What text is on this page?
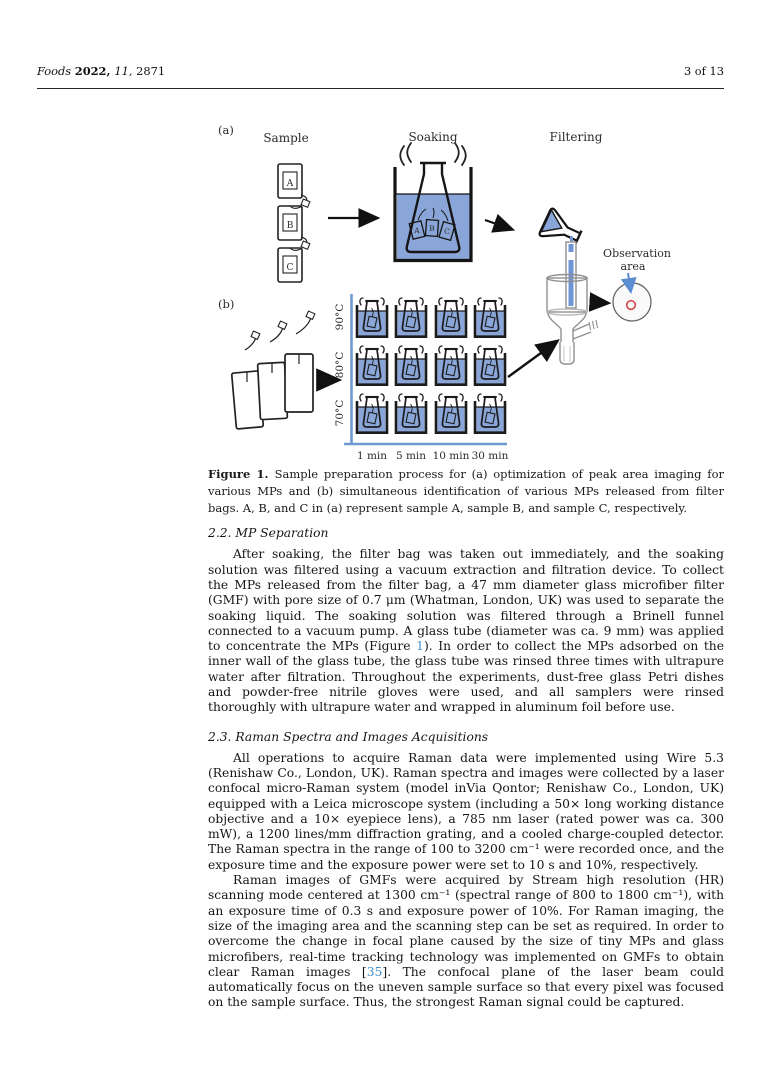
Foods 2022, 11, 2871	3 of 13
(a)
Sample
A
B
C
Soaking
A B C
Filtering
Observation
area
(b)	90°C
80°C
70°C
1 min 5 min 10 min 30 min

Figure 1. Sample preparation process for (a) optimization of peak area imaging for various MPs and (b) simultaneous identification of various MPs released from filter bags. A, B, and C in (a) represent sample A, sample B, and sample C, respectively.

2.2. MP Separation

After soaking, the filter bag was taken out immediately, and the soaking solution was filtered using a vacuum extraction and filtration device. To collect the MPs released from the filter bag, a 47 mm diameter glass microfiber filter (GMF) with pore size of 0.7 μm (Whatman, London, UK) was used to separate the soaking liquid. The soaking solution was filtered through a Brinell funnel connected to a vacuum pump. A glass tube (diameter was ca. 9 mm) was applied to concentrate the MPs (Figure 1). In order to collect the MPs adsorbed on the inner wall of the glass tube, the glass tube was rinsed three times with ultrapure water after filtration. Throughout the experiments, dust-free glass Petri dishes and powder-free nitrile gloves were used, and all samplers were rinsed thoroughly with ultrapure water and wrapped in aluminum foil before use.

2.3. Raman Spectra and Images Acquisitions

All operations to acquire Raman data were implemented using Wire 5.3 (Renishaw Co., London, UK). Raman spectra and images were collected by a laser confocal micro-Raman system (model inVia Qontor; Renishaw Co., London, UK) equipped with a Leica microscope system (including a 50× long working distance objective and a 10× eyepiece lens), a 785 nm laser (rated power was ca. 300 mW), a 1200 lines/mm diffraction grating, and a cooled charge-coupled detector. The Raman spectra in the range of 100 to 3200 cm⁻¹ were recorded once, and the exposure time and the exposure power were set to 10 s and 10%, respectively.

Raman images of GMFs were acquired by Stream high resolution (HR) scanning mode centered at 1300 cm⁻¹ (spectral range of 800 to 1800 cm⁻¹), with an exposure time of 0.3 s and exposure power of 10%. For Raman imaging, the size of the imaging area and the scanning step can be set as required. In order to overcome the change in focal plane caused by the size of tiny MPs and glass microfibers, real-time tracking technology was implemented on GMFs to obtain clear Raman images [35]. The confocal plane of the laser beam could automatically focus on the uneven sample surface so that every pixel was focused on the sample surface. Thus, the strongest Raman signal could be captured.
